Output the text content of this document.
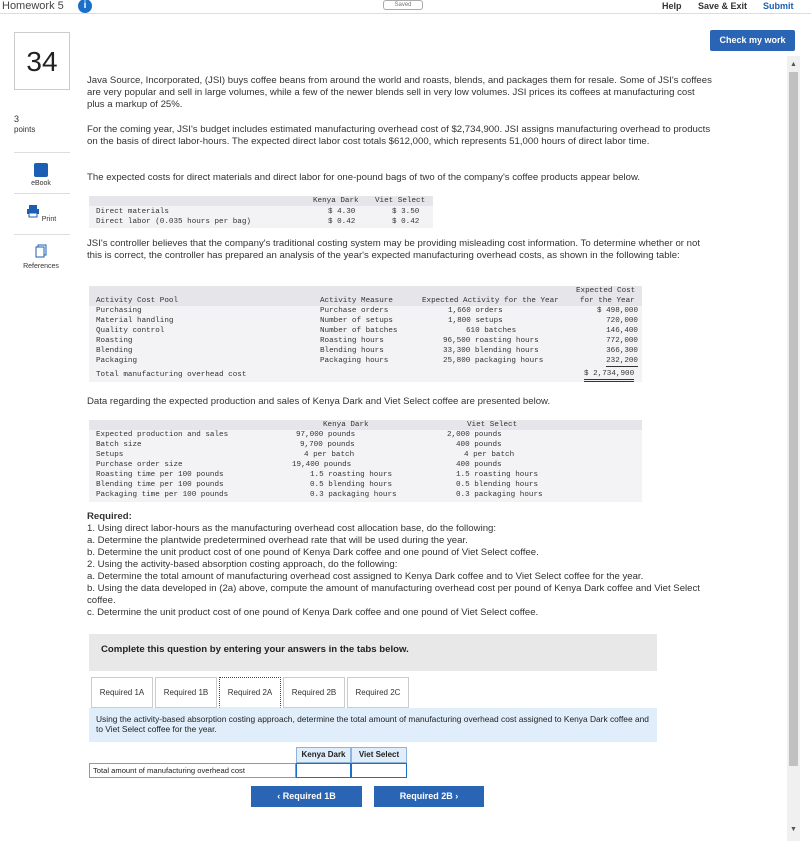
Homework 5	i	Saved	Help Save & Exit Submit
Check my work
34
3
points
eBook
Print
References
Java Source, Incorporated, (JSI) buys coffee beans from around the world and roasts, blends, and packages them for resale. Some of JSI's coffees are very popular and sell in large volumes, while a few of the newer blends sell in very low volumes. JSI prices its coffees at manufacturing cost plus a markup of 25%.
For the coming year, JSI's budget includes estimated manufacturing overhead cost of $2,734,900. JSI assigns manufacturing overhead to products on the basis of direct labor-hours. The expected direct labor cost totals $612,000, which represents 51,000 hours of direct labor time.
The expected costs for direct materials and direct labor for one-pound bags of two of the company's coffee products appear below.
Kenya Dark Viet Select
Direct materials	$ 4.30	$ 3.50
Direct labor (0.035 hours per bag)	$ 0.42	$ 0.42
JSI's controller believes that the company's traditional costing system may be providing misleading cost information. To determine whether or not this is correct, the controller has prepared an analysis of the year's expected manufacturing overhead costs, as shown in the following table:
Activity Cost Pool	Activity Measure	Expected Activity for the Year
Expected Cost
for the Year
Purchasing	Purchase orders	1,660 orders	$ 498,000
Material handling	Number of setups	1,800 setups	720,000
Quality control	Number of batches	610 batches	146,400
Roasting	Roasting hours	96,500 roasting hours	772,000
Blending	Blending hours	33,300 blending hours	366,300
Packaging	Packaging hours	25,800 packaging hours	232,200
Total manufacturing overhead cost	$ 2,734,900
Data regarding the expected production and sales of Kenya Dark and Viet Select coffee are presented below.
Kenya Dark	Viet Select
Expected production and sales	97,000 pounds	2,000 pounds
Batch size	9,700 pounds	400 pounds
Setups	4 per batch	4 per batch
Purchase order size	19,400 pounds	400 pounds
Roasting time per 100 pounds	1.5 roasting hours	1.5 roasting hours
Blending time per 100 pounds	0.5 blending hours	0.5 blending hours
Packaging time per 100 pounds	0.3 packaging hours	0.3 packaging hours
Required:
1. Using direct labor-hours as the manufacturing overhead cost allocation base, do the following:
a. Determine the plantwide predetermined overhead rate that will be used during the year.
b. Determine the unit product cost of one pound of Kenya Dark coffee and one pound of Viet Select coffee.
2. Using the activity-based absorption costing approach, do the following:
a. Determine the total amount of manufacturing overhead cost assigned to Kenya Dark coffee and to Viet Select coffee for the year.
b. Using the data developed in (2a) above, compute the amount of manufacturing overhead cost per pound of Kenya Dark coffee and Viet Select coffee.
c. Determine the unit product cost of one pound of Kenya Dark coffee and one pound of Viet Select coffee.
Complete this question by entering your answers in the tabs below.
Required 1A	Required 1B	Required 2A	Required 2B	Required 2C
Using the activity-based absorption costing approach, determine the total amount of manufacturing overhead cost assigned to Kenya Dark coffee and to Viet Select coffee for the year.
Kenya Dark	Viet Select
Total amount of manufacturing overhead cost
‹ Required 1B	Required 2B ›
▲
▼
